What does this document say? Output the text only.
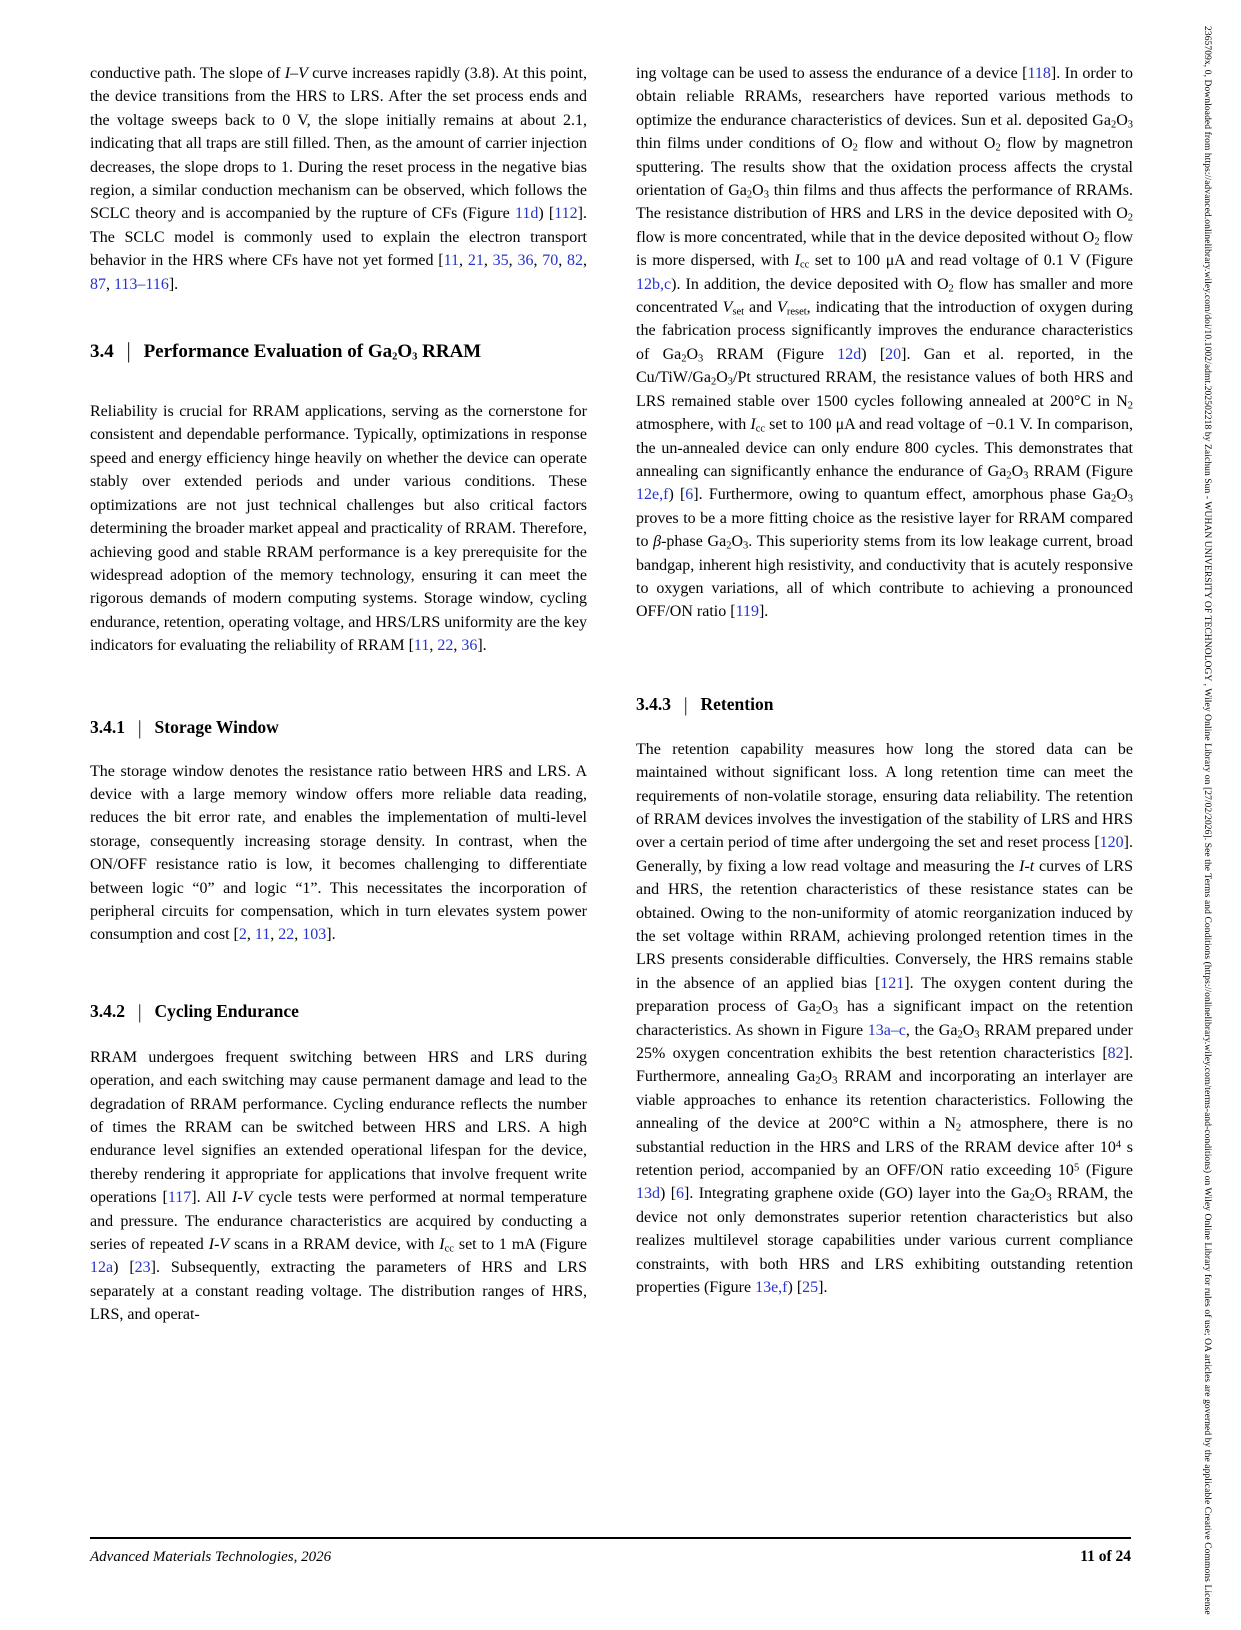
conductive path. The slope of I–V curve increases rapidly (3.8). At this point, the device transitions from the HRS to LRS. After the set process ends and the voltage sweeps back to 0 V, the slope initially remains at about 2.1, indicating that all traps are still filled. Then, as the amount of carrier injection decreases, the slope drops to 1. During the reset process in the negative bias region, a similar conduction mechanism can be observed, which follows the SCLC theory and is accompanied by the rupture of CFs (Figure 11d) [112]. The SCLC model is commonly used to explain the electron transport behavior in the HRS where CFs have not yet formed [11, 21, 35, 36, 70, 82, 87, 113–116].

3.4 | Performance Evaluation of Ga2O3 RRAM

Reliability is crucial for RRAM applications, serving as the cornerstone for consistent and dependable performance. Typically, optimizations in response speed and energy efficiency hinge heavily on whether the device can operate stably over extended periods and under various conditions. These optimizations are not just technical challenges but also critical factors determining the broader market appeal and practicality of RRAM. Therefore, achieving good and stable RRAM performance is a key prerequisite for the widespread adoption of the memory technology, ensuring it can meet the rigorous demands of modern computing systems. Storage window, cycling endurance, retention, operating voltage, and HRS/LRS uniformity are the key indicators for evaluating the reliability of RRAM [11, 22, 36].

3.4.1 | Storage Window

The storage window denotes the resistance ratio between HRS and LRS. A device with a large memory window offers more reliable data reading, reduces the bit error rate, and enables the implementation of multi-level storage, consequently increasing storage density. In contrast, when the ON/OFF resistance ratio is low, it becomes challenging to differentiate between logic “0” and logic “1”. This necessitates the incorporation of peripheral circuits for compensation, which in turn elevates system power consumption and cost [2, 11, 22, 103].

3.4.2 | Cycling Endurance

RRAM undergoes frequent switching between HRS and LRS during operation, and each switching may cause permanent damage and lead to the degradation of RRAM performance. Cycling endurance reflects the number of times the RRAM can be switched between HRS and LRS. A high endurance level signifies an extended operational lifespan for the device, thereby rendering it appropriate for applications that involve frequent write operations [117]. All I-V cycle tests were performed at normal temperature and pressure. The endurance characteristics are acquired by conducting a series of repeated I-V scans in a RRAM device, with Icc set to 1 mA (Figure 12a) [23]. Subsequently, extracting the parameters of HRS and LRS separately at a constant reading voltage. The distribution ranges of HRS, LRS, and operat-

ing voltage can be used to assess the endurance of a device [118]. In order to obtain reliable RRAMs, researchers have reported various methods to optimize the endurance characteristics of devices. Sun et al. deposited Ga2O3 thin films under conditions of O2 flow and without O2 flow by magnetron sputtering. The results show that the oxidation process affects the crystal orientation of Ga2O3 thin films and thus affects the performance of RRAMs. The resistance distribution of HRS and LRS in the device deposited with O2 flow is more concentrated, while that in the device deposited without O2 flow is more dispersed, with Icc set to 100 μA and read voltage of 0.1 V (Figure 12b,c). In addition, the device deposited with O2 flow has smaller and more concentrated Vset and Vreset, indicating that the introduction of oxygen during the fabrication process significantly improves the endurance characteristics of Ga2O3 RRAM (Figure 12d) [20]. Gan et al. reported, in the Cu/TiW/Ga2O3/Pt structured RRAM, the resistance values of both HRS and LRS remained stable over 1500 cycles following annealed at 200°C in N2 atmosphere, with Icc set to 100 μA and read voltage of −0.1 V. In comparison, the un-annealed device can only endure 800 cycles. This demonstrates that annealing can significantly enhance the endurance of Ga2O3 RRAM (Figure 12e,f) [6]. Furthermore, owing to quantum effect, amorphous phase Ga2O3 proves to be a more fitting choice as the resistive layer for RRAM compared to β-phase Ga2O3. This superiority stems from its low leakage current, broad bandgap, inherent high resistivity, and conductivity that is acutely responsive to oxygen variations, all of which contribute to achieving a pronounced OFF/ON ratio [119].

3.4.3 | Retention

The retention capability measures how long the stored data can be maintained without significant loss. A long retention time can meet the requirements of non-volatile storage, ensuring data reliability. The retention of RRAM devices involves the investigation of the stability of LRS and HRS over a certain period of time after undergoing the set and reset process [120]. Generally, by fixing a low read voltage and measuring the I-t curves of LRS and HRS, the retention characteristics of these resistance states can be obtained. Owing to the non-uniformity of atomic reorganization induced by the set voltage within RRAM, achieving prolonged retention times in the LRS presents considerable difficulties. Conversely, the HRS remains stable in the absence of an applied bias [121]. The oxygen content during the preparation process of Ga2O3 has a significant impact on the retention characteristics. As shown in Figure 13a–c, the Ga2O3 RRAM prepared under 25% oxygen concentration exhibits the best retention characteristics [82]. Furthermore, annealing Ga2O3 RRAM and incorporating an interlayer are viable approaches to enhance its retention characteristics. Following the annealing of the device at 200°C within a N2 atmosphere, there is no substantial reduction in the HRS and LRS of the RRAM device after $10^4$ s retention period, accompanied by an OFF/ON ratio exceeding $10^5$ (Figure 13d) [6]. Integrating graphene oxide (GO) layer into the Ga2O3 RRAM, the device not only demonstrates superior retention characteristics but also realizes multilevel storage capabilities under various current compliance constraints, with both HRS and LRS exhibiting outstanding retention properties (Figure 13e,f) [25].

Advanced Materials Technologies, 2026	11 of 24	2365709x, 0, Downloaded from https://advanced.onlinelibrary.wiley.com/doi/10.1002/admt.202502218 by Zaichun Sun - WUHAN UNIVERSITY OF TECHNOLOGY , Wiley Online Library on [27/02/2026]. See the Terms and Conditions (https://onlinelibrary.wiley.com/terms-and-conditions) on Wiley Online Library for rules of use; OA articles are governed by the applicable Creative Commons License
